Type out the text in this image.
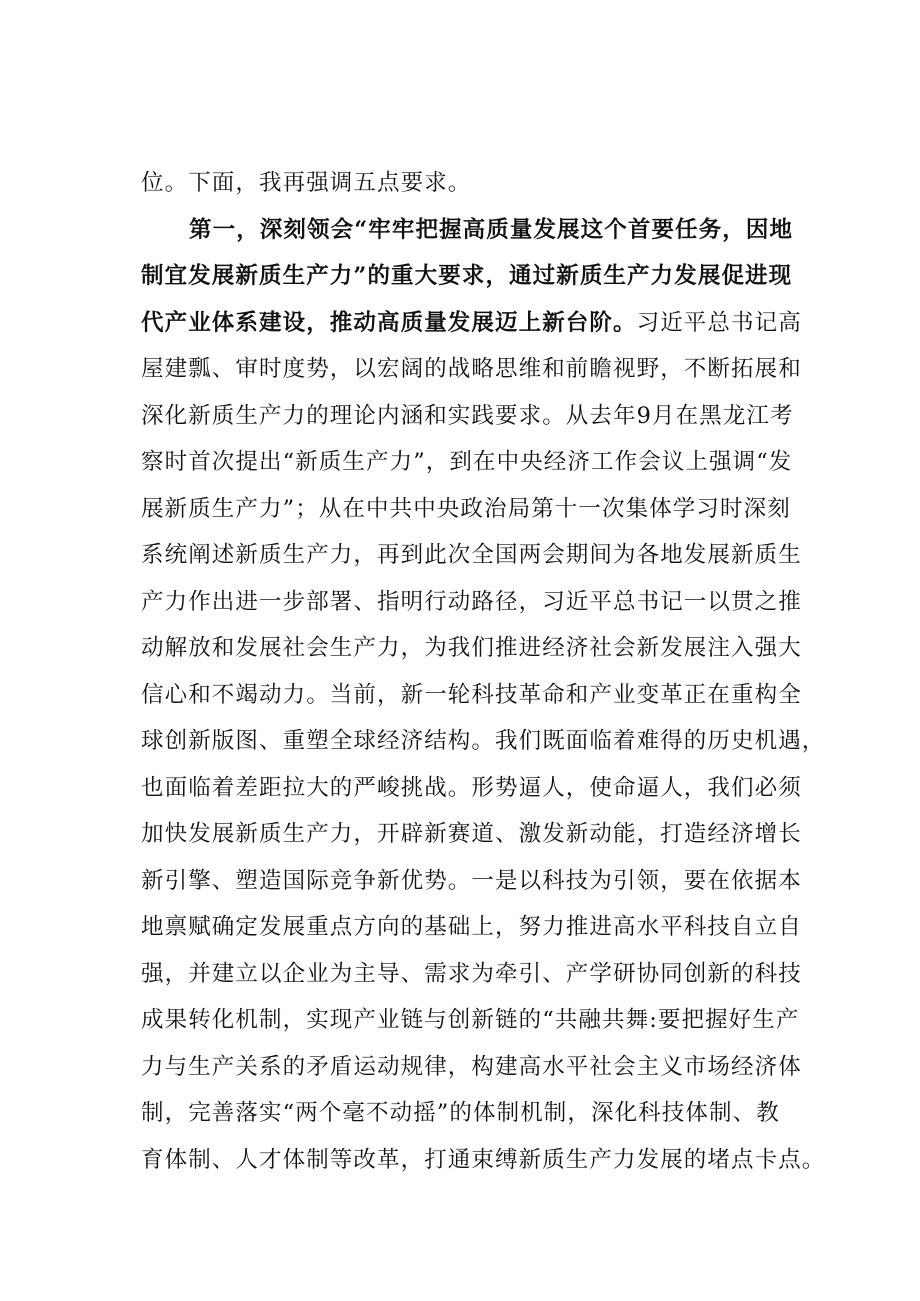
位。下面，我再强调五点要求。
第一，深刻领会“牢牢把握高质量发展这个首要任务，因地
制宜发展新质生产力”的重大要求，通过新质生产力发展促进现
代产业体系建设，推动高质量发展迈上新台阶。习近平总书记高
屋建瓢、审时度势，以宏阔的战略思维和前瞻视野，不断拓展和
深化新质生产力的理论内涵和实践要求。从去年9月在黑龙江考
察时首次提出“新质生产力”，到在中央经济工作会议上强调“发
展新质生产力”；从在中共中央政治局第十一次集体学习时深刻
系统阐述新质生产力，再到此次全国两会期间为各地发展新质生
产力作出进一步部署、指明行动路径，习近平总书记一以贯之推
动解放和发展社会生产力，为我们推进经济社会新发展注入强大
信心和不竭动力。当前，新一轮科技革命和产业变革正在重构全
球创新版图、重塑全球经济结构。我们既面临着难得的历史机遇，
也面临着差距拉大的严峻挑战。形势逼人，使命逼人，我们必须
加快发展新质生产力，开辟新赛道、激发新动能，打造经济增长
新引擎、塑造国际竞争新优势。一是以科技为引领，要在依据本
地禀赋确定发展重点方向的基础上，努力推进高水平科技自立自
强，并建立以企业为主导、需求为牵引、产学研协同创新的科技
成果转化机制，实现产业链与创新链的“共融共舞:要把握好生产
力与生产关系的矛盾运动规律，构建高水平社会主义市场经济体
制，完善落实“两个毫不动摇”的体制机制，深化科技体制、教
育体制、人才体制等改革，打通束缚新质生产力发展的堵点卡点。
